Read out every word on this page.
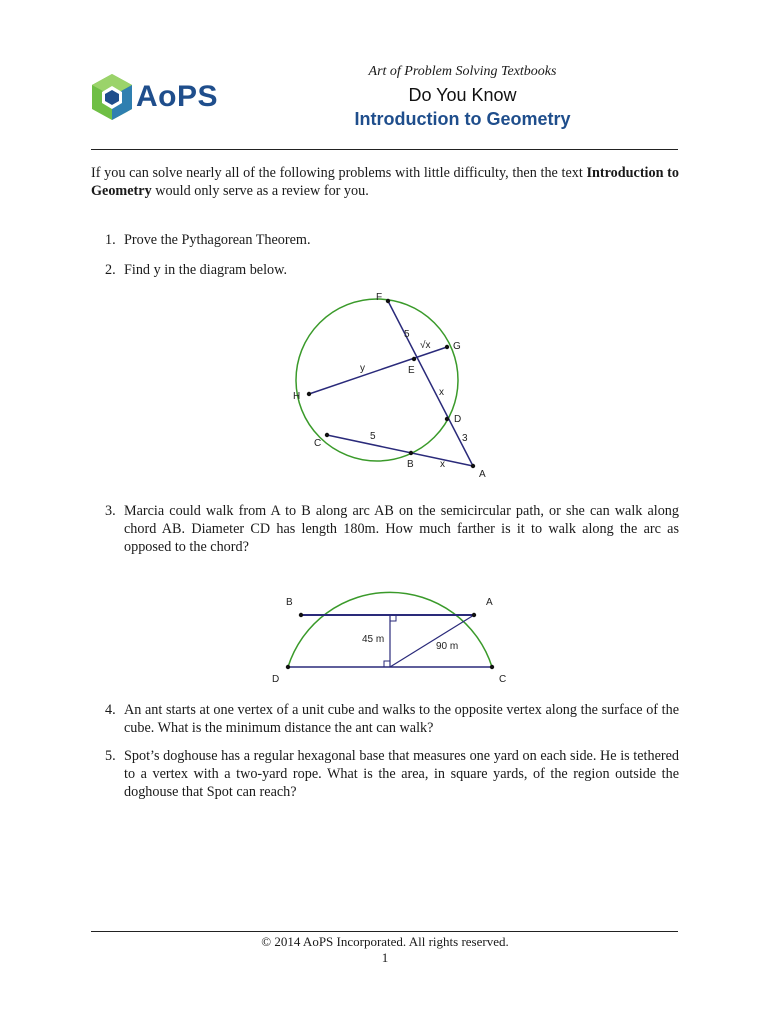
AoPS
Art of Problem Solving Textbooks
Do You Know
Introduction to Geometry
If you can solve nearly all of the following problems with little difficulty, then the text Introduction to Geometry would only serve as a review for you.
1. Prove the Pythagorean Theorem.
2. Find y in the diagram below.
F
G
H
E
D
C
B
A
5
√x
y
x
3
5
x
3. Marcia could walk from A to B along arc AB on the semicircular path, or she can walk along chord AB. Diameter CD has length 180m. How much farther is it to walk along the arc as opposed to the chord?
B	A
D	C
45 m
90 m
4. An ant starts at one vertex of a unit cube and walks to the opposite vertex along the surface of the cube. What is the minimum distance the ant can walk?
5. Spot’s doghouse has a regular hexagonal base that measures one yard on each side. He is tethered to a vertex with a two-yard rope. What is the area, in square yards, of the region outside the doghouse that Spot can reach?
© 2014 AoPS Incorporated. All rights reserved.
1
